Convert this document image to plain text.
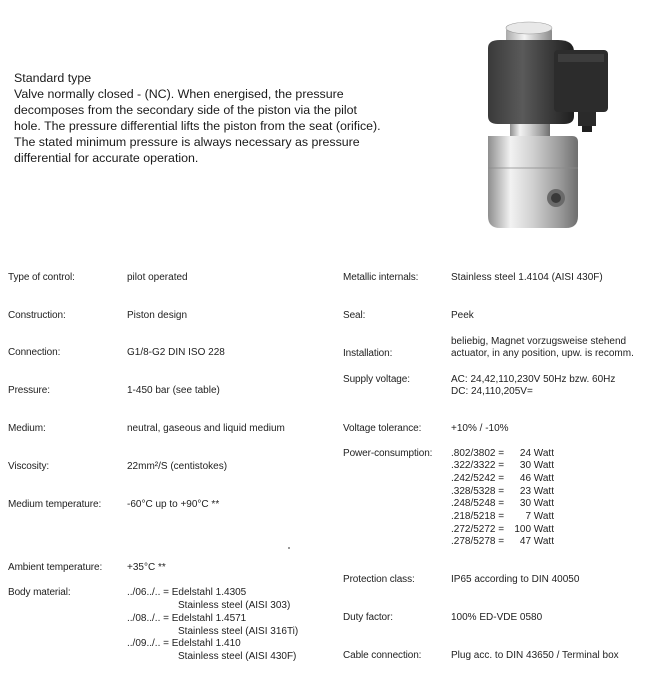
Standard type
Valve normally closed - (NC). When energised, the pressure
decomposes from the secondary side of the piston via the pilot
hole. The pressure differential lifts the piston from the seat (orifice).
The stated minimum pressure is always necessary as pressure
differential for accurate operation.
Type of control:	pilot operated
Construction:	Piston design
Connection:	G1/8-G2 DIN ISO 228
Pressure:	1-450 bar (see table)
Medium:	neutral, gaseous and liquid medium
Viscosity:	22mm²/S (centistokes)
Medium temperature:	-60°C up to +90°C **
Ambient temperature: +35°C **
Body material:	../06../.. = Edelstahl 1.4305
Stainless steel (AISI 303)
../08../.. = Edelstahl 1.4571
Stainless steel (AISI 316Ti)
../09../.. = Edelstahl 1.410
Stainless steel (AISI 430F)
Metallic internals:	Stainless steel 1.4104 (AISI 430F)
Seal:	Peek
beliebig, Magnet vorzugsweise stehend
Installation:	actuator, in any position, upw. is recomm.
Supply voltage:	AC: 24,42,110,230V 50Hz bzw. 60Hz
DC: 24,110,205V=
Voltage tolerance:	+10% / -10%
Power-consumption: .802/3802 =	24 Watt
.322/3322 =	30 Watt
.242/5242 =	46 Watt
.328/5328 =	23 Watt
.248/5248 =	30 Watt
.218/5218 =	7 Watt
.272/5272 =	100 Watt
.278/5278 =	47 Watt
Protection class:	IP65 according to DIN 40050
Duty factor:	100% ED-VDE 0580
Cable connection:	Plug acc. to DIN 43650 / Terminal box
